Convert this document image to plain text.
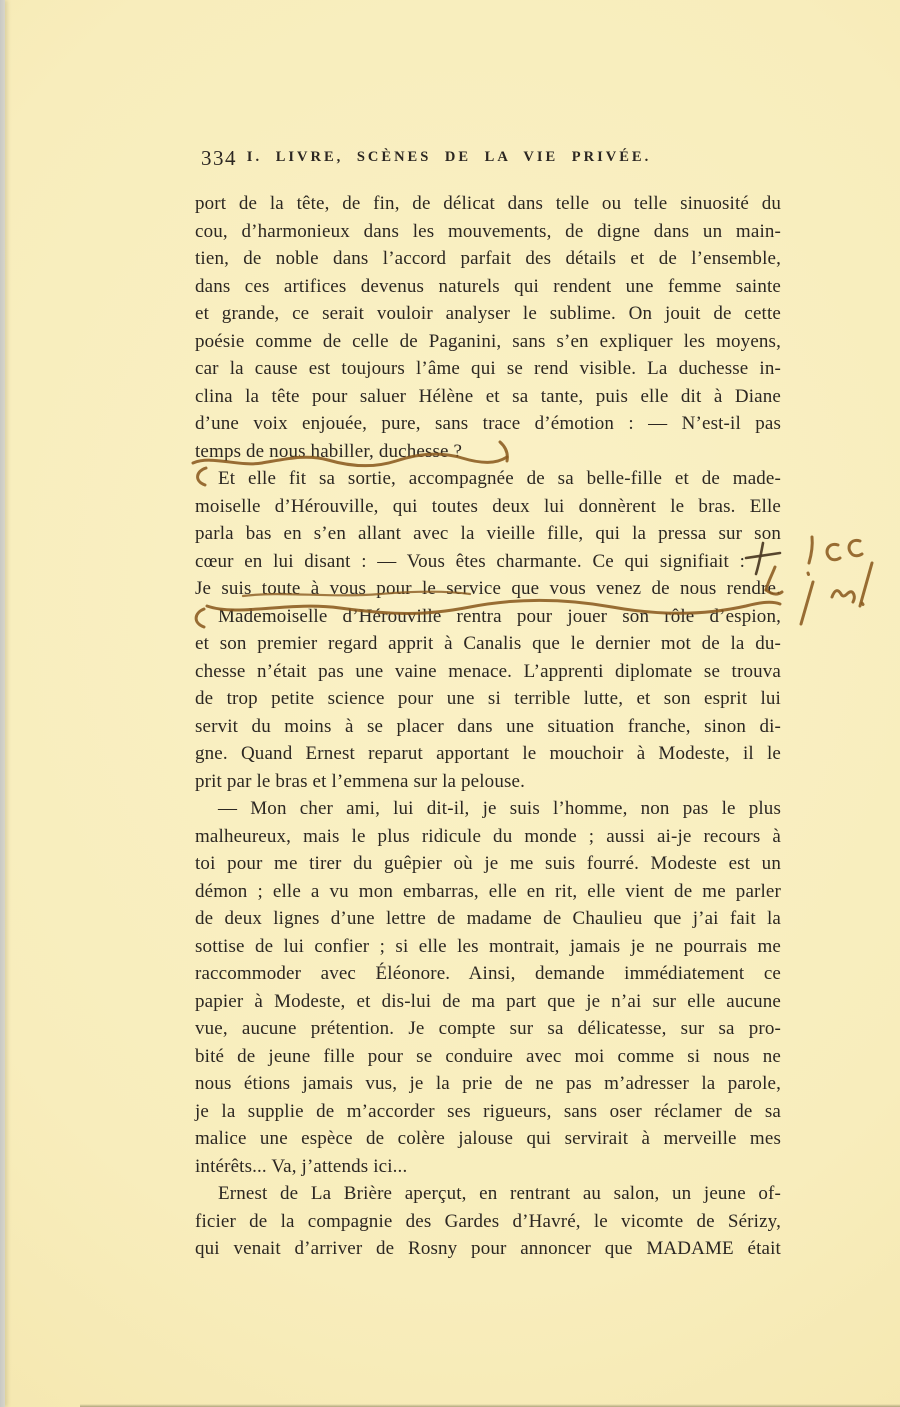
334 I. LIVRE, SCÈNES DE LA VIE PRIVÉE.
port de la tête, de fin, de délicat dans telle ou telle sinuosité du
cou, d’harmonieux dans les mouvements, de digne dans un main-
tien, de noble dans l’accord parfait des détails et de l’ensemble,
dans ces artifices devenus naturels qui rendent une femme sainte
et grande, ce serait vouloir analyser le sublime. On jouit de cette
poésie comme de celle de Paganini, sans s’en expliquer les moyens,
car la cause est toujours l’âme qui se rend visible. La duchesse in-
clina la tête pour saluer Hélène et sa tante, puis elle dit à Diane
d’une voix enjouée, pure, sans trace d’émotion : — N’est-il pas
temps de nous habiller, duchesse ?
Et elle fit sa sortie, accompagnée de sa belle-fille et de made-
moiselle d’Hérouville, qui toutes deux lui donnèrent le bras. Elle
parla bas en s’en allant avec la vieille fille, qui la pressa sur son
cœur en lui disant : — Vous êtes charmante. Ce qui signifiait :
Je suis toute à vous pour le service que vous venez de nous rendre.
Mademoiselle d’Hérouville rentra pour jouer son rôle d’espion,
et son premier regard apprit à Canalis que le dernier mot de la du-
chesse n’était pas une vaine menace. L’apprenti diplomate se trouva
de trop petite science pour une si terrible lutte, et son esprit lui
servit du moins à se placer dans une situation franche, sinon di-
gne. Quand Ernest reparut apportant le mouchoir à Modeste, il le
prit par le bras et l’emmena sur la pelouse.
— Mon cher ami, lui dit-il, je suis l’homme, non pas le plus
malheureux, mais le plus ridicule du monde ; aussi ai-je recours à
toi pour me tirer du guêpier où je me suis fourré. Modeste est un
démon ; elle a vu mon embarras, elle en rit, elle vient de me parler
de deux lignes d’une lettre de madame de Chaulieu que j’ai fait la
sottise de lui confier ; si elle les montrait, jamais je ne pourrais me
raccommoder avec Éléonore. Ainsi, demande immédiatement ce
papier à Modeste, et dis-lui de ma part que je n’ai sur elle aucune
vue, aucune prétention. Je compte sur sa délicatesse, sur sa pro-
bité de jeune fille pour se conduire avec moi comme si nous ne
nous étions jamais vus, je la prie de ne pas m’adresser la parole,
je la supplie de m’accorder ses rigueurs, sans oser réclamer de sa
malice une espèce de colère jalouse qui servirait à merveille mes
intérêts... Va, j’attends ici...
Ernest de La Brière aperçut, en rentrant au salon, un jeune of-
ficier de la compagnie des Gardes d’Havré, le vicomte de Sérizy,
qui venait d’arriver de Rosny pour annoncer que MADAME était
